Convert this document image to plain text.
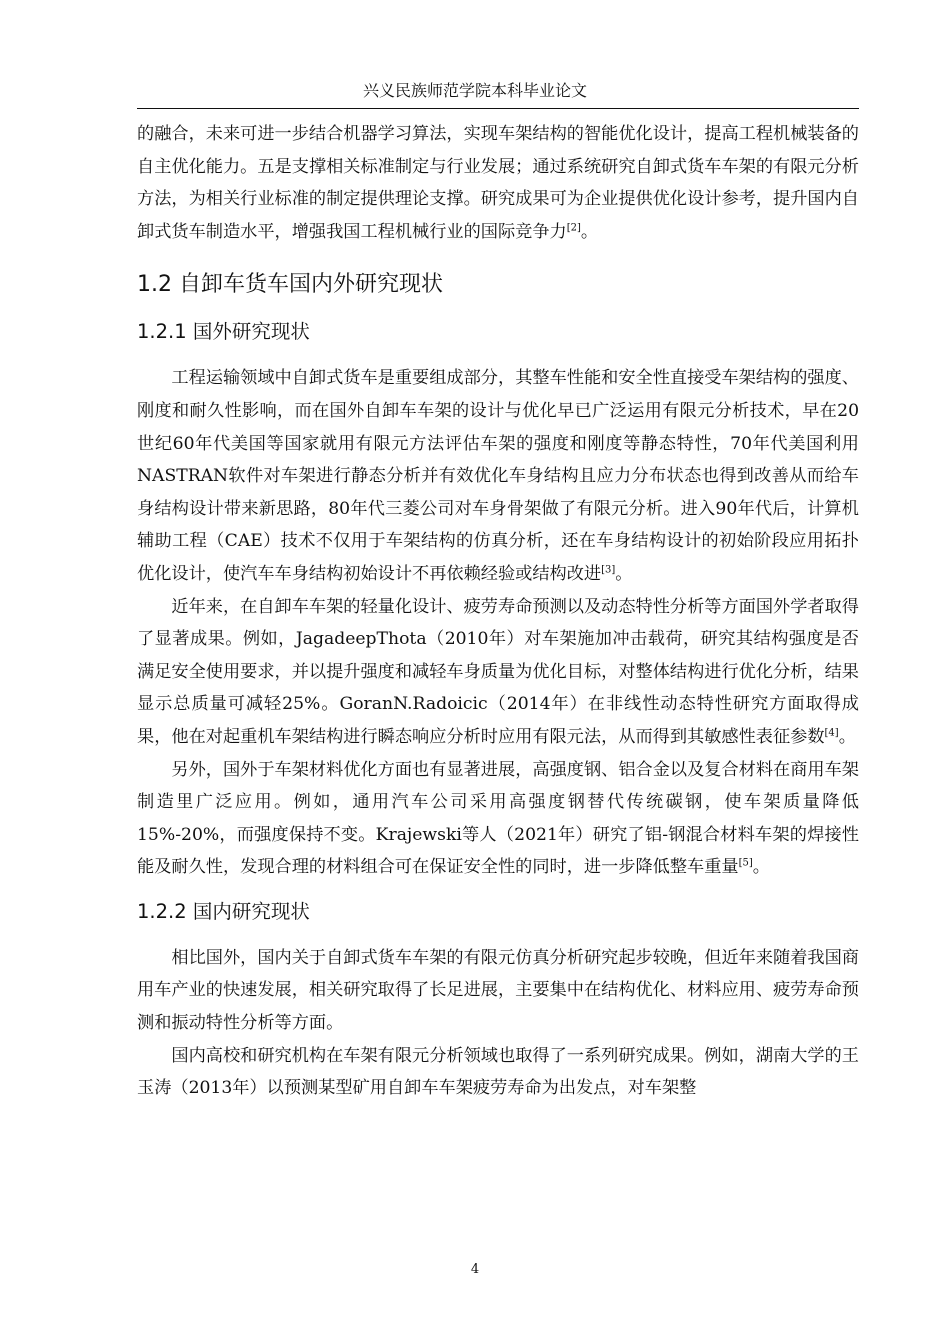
兴义民族师范学院本科毕业论文

的融合，未来可进一步结合机器学习算法，实现车架结构的智能优化设计，提高工程机械装备的自主优化能力。五是支撑相关标准制定与行业发展；通过系统研究自卸式货车车架的有限元分析方法，为相关行业标准的制定提供理论支撑。研究成果可为企业提供优化设计参考，提升国内自卸式货车制造水平，增强我国工程机械行业的国际竞争力[2]。

1.2 自卸车货车国内外研究现状
1.2.1 国外研究现状

工程运输领域中自卸式货车是重要组成部分，其整车性能和安全性直接受车架结构的强度、刚度和耐久性影响，而在国外自卸车车架的设计与优化早已广泛运用有限元分析技术，早在20世纪60年代美国等国家就用有限元方法评估车架的强度和刚度等静态特性，70年代美国利用NASTRAN软件对车架进行静态分析并有效优化车身结构且应力分布状态也得到改善从而给车身结构设计带来新思路，80年代三菱公司对车身骨架做了有限元分析。进入90年代后，计算机辅助工程（CAE）技术不仅用于车架结构的仿真分析，还在车身结构设计的初始阶段应用拓扑优化设计，使汽车车身结构初始设计不再依赖经验或结构改进[3]。

近年来，在自卸车车架的轻量化设计、疲劳寿命预测以及动态特性分析等方面国外学者取得了显著成果。例如，JagadeepThota（2010年）对车架施加冲击载荷，研究其结构强度是否满足安全使用要求，并以提升强度和减轻车身质量为优化目标，对整体结构进行优化分析，结果显示总质量可减轻25%。GoranN.Radoicic（2014年）在非线性动态特性研究方面取得成果，他在对起重机车架结构进行瞬态响应分析时应用有限元法，从而得到其敏感性表征参数[4]。

另外，国外于车架材料优化方面也有显著进展，高强度钢、铝合金以及复合材料在商用车架制造里广泛应用。例如，通用汽车公司采用高强度钢替代传统碳钢，使车架质量降低15%-20%，而强度保持不变。Krajewski等人（2021年）研究了铝-钢混合材料车架的焊接性能及耐久性，发现合理的材料组合可在保证安全性的同时，进一步降低整车重量[5]。

1.2.2 国内研究现状

相比国外，国内关于自卸式货车车架的有限元仿真分析研究起步较晚，但近年来随着我国商用车产业的快速发展，相关研究取得了长足进展，主要集中在结构优化、材料应用、疲劳寿命预测和振动特性分析等方面。

国内高校和研究机构在车架有限元分析领域也取得了一系列研究成果。例如，湖南大学的王玉涛（2013年）以预测某型矿用自卸车车架疲劳寿命为出发点，对车架整

4
